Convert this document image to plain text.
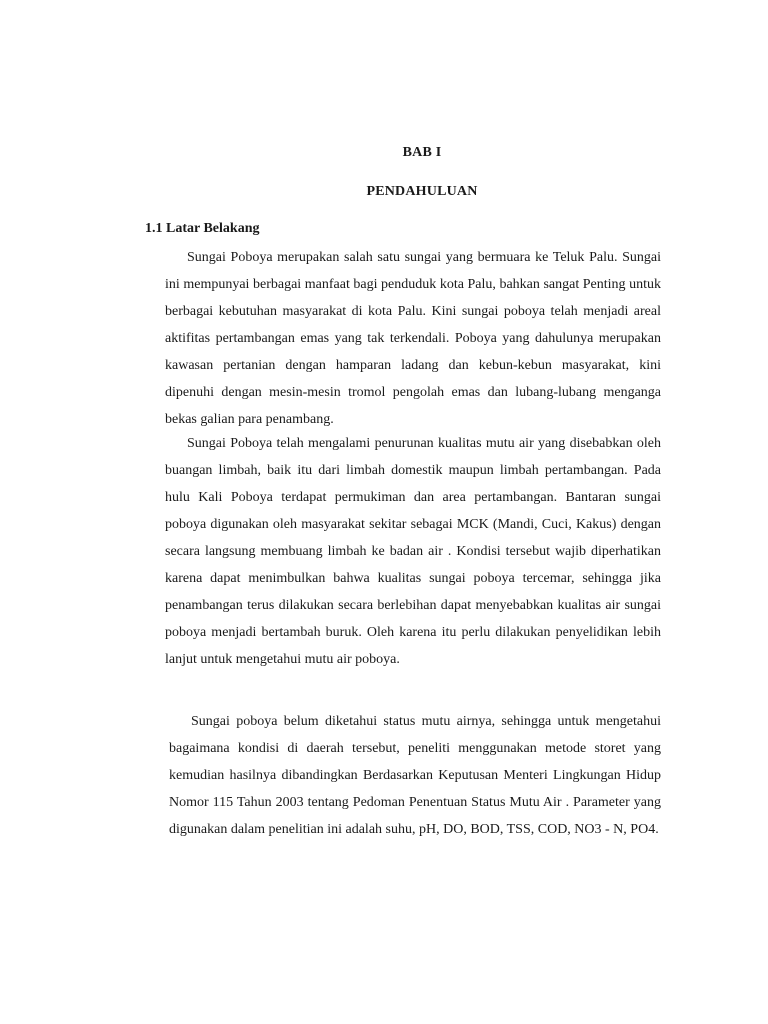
BAB I
PENDAHULUAN
1.1 Latar Belakang

Sungai Poboya merupakan salah satu sungai yang bermuara ke Teluk Palu. Sungai ini mempunyai berbagai manfaat bagi penduduk kota Palu, bahkan sangat Penting untuk berbagai kebutuhan masyarakat di kota Palu. Kini sungai poboya telah menjadi areal aktifitas pertambangan emas yang tak terkendali. Poboya yang dahulunya merupakan kawasan pertanian dengan hamparan ladang dan kebun-kebun masyarakat, kini dipenuhi dengan mesin-mesin tromol pengolah emas dan lubang-lubang menganga bekas galian para penambang.

Sungai Poboya telah mengalami penurunan kualitas mutu air yang disebabkan oleh buangan limbah, baik itu dari limbah domestik maupun limbah pertambangan. Pada hulu Kali Poboya terdapat permukiman dan area pertambangan. Bantaran sungai poboya digunakan oleh masyarakat sekitar sebagai MCK (Mandi, Cuci, Kakus) dengan secara langsung membuang limbah ke badan air . Kondisi tersebut wajib diperhatikan karena dapat menimbulkan bahwa kualitas sungai poboya tercemar, sehingga jika penambangan terus dilakukan secara berlebihan dapat menyebabkan kualitas air sungai poboya menjadi bertambah buruk. Oleh karena itu perlu dilakukan penyelidikan lebih lanjut untuk mengetahui mutu air poboya.

Sungai poboya belum diketahui status mutu airnya, sehingga untuk mengetahui bagaimana kondisi di daerah tersebut, peneliti menggunakan metode storet yang kemudian hasilnya dibandingkan Berdasarkan Keputusan Menteri Lingkungan Hidup Nomor 115 Tahun 2003 tentang Pedoman Penentuan Status Mutu Air . Parameter yang digunakan dalam penelitian ini adalah suhu, pH, DO, BOD, TSS, COD, NO3 - N, PO4.
